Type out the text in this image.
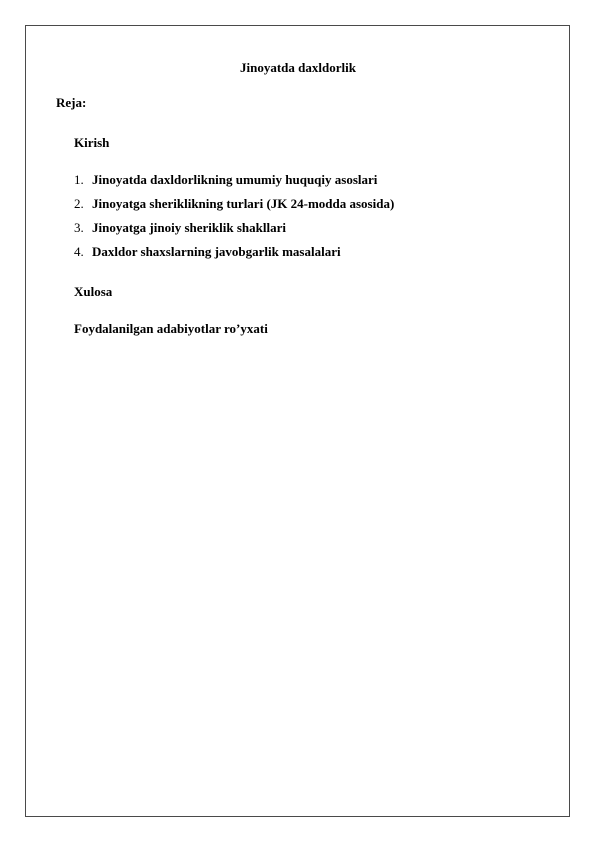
Jinoyatda daxldorlik

Reja:

Kirish

1. Jinoyatda daxldorlikning umumiy huquqiy asoslari
2. Jinoyatga sheriklikning turlari (JK 24-modda asosida)
3. Jinoyatga jinoiy sheriklik shakllari
4. Daxldor shaxslarning javobgarlik masalalari

Xulosa

Foydalanilgan adabiyotlar ro’yxati
